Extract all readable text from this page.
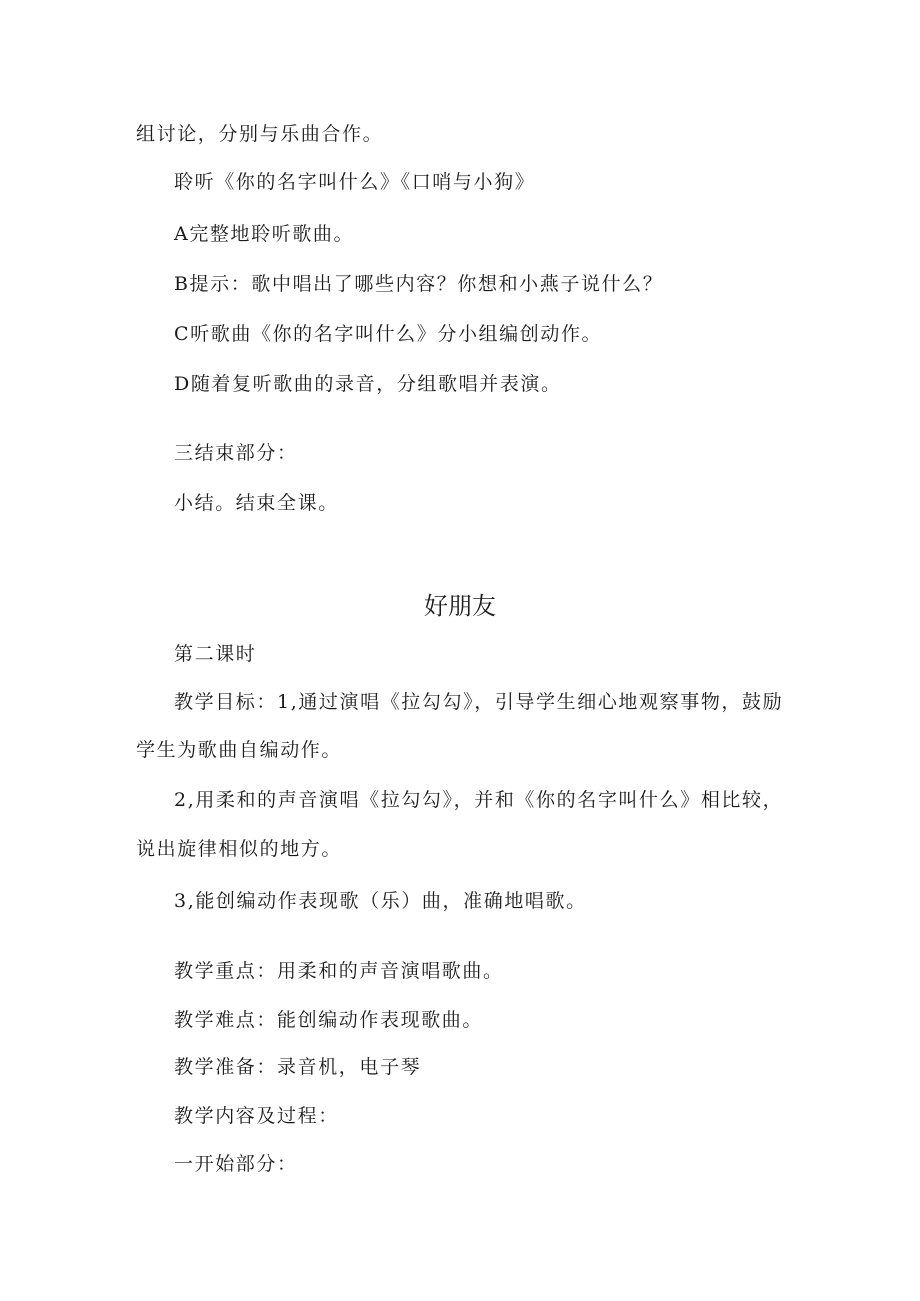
组讨论，分别与乐曲合作。
聆听《你的名字叫什么》《口哨与小狗》
A完整地聆听歌曲。
B提示：歌中唱出了哪些内容？你想和小燕子说什么？
C听歌曲《你的名字叫什么》分小组编创动作。
D随着复听歌曲的录音，分组歌唱并表演。
三结束部分：
小结。结束全课。
好朋友
第二课时
教学目标：1,通过演唱《拉勾勾》，引导学生细心地观察事物，鼓励
学生为歌曲自编动作。
2,用柔和的声音演唱《拉勾勾》，并和《你的名字叫什么》相比较，
说出旋律相似的地方。
3,能创编动作表现歌（乐）曲，准确地唱歌。
教学重点：用柔和的声音演唱歌曲。
教学难点：能创编动作表现歌曲。
教学准备：录音机，电子琴
教学内容及过程：
一开始部分：
